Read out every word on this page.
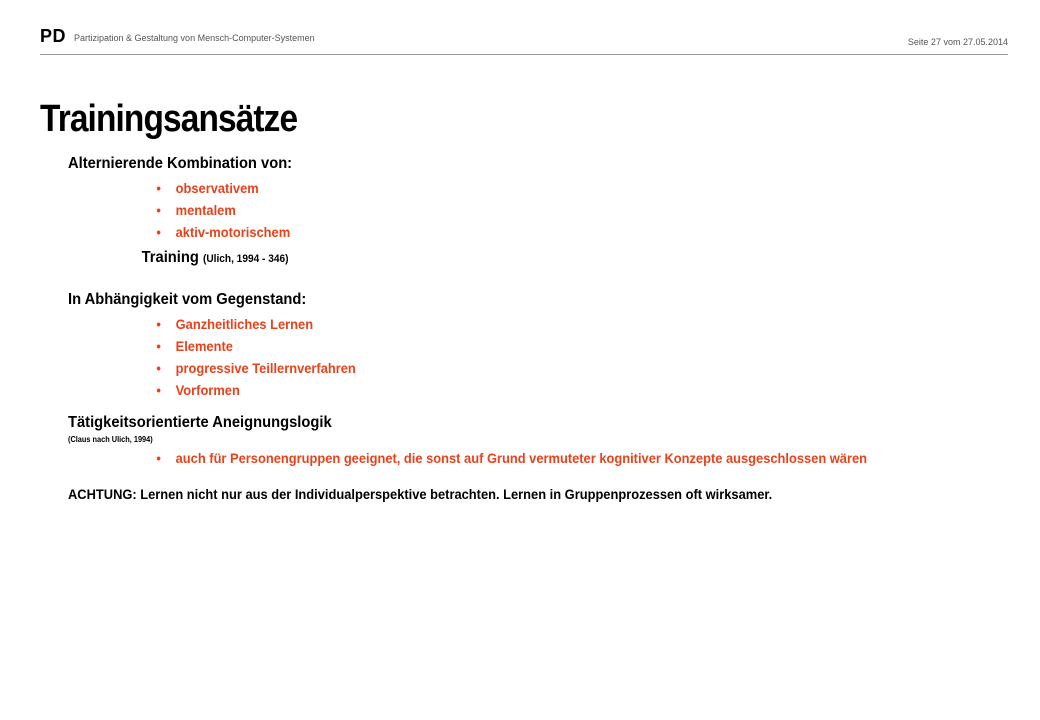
PD Partizipation & Gestaltung von Mensch-Computer-Systemen	Seite 27 vom 27.05.2014
Trainingsansätze

Alternierende Kombination von:

• observativem
• mentalem
• aktiv-motorischem

Training (Ulich, 1994 - 346)

In Abhängigkeit vom Gegenstand:

• Ganzheitliches Lernen
• Elemente
• progressive Teillernverfahren
• Vorformen

Tätigkeitsorientierte Aneignungslogik

(Claus nach Ulich, 1994)

• auch für Personengruppen geeignet, die sonst auf Grund vermuteter kognitiver Konzepte ausgeschlossen wären

ACHTUNG: Lernen nicht nur aus der Individualperspektive betrachten. Lernen in Gruppenprozessen oft wirksamer.
